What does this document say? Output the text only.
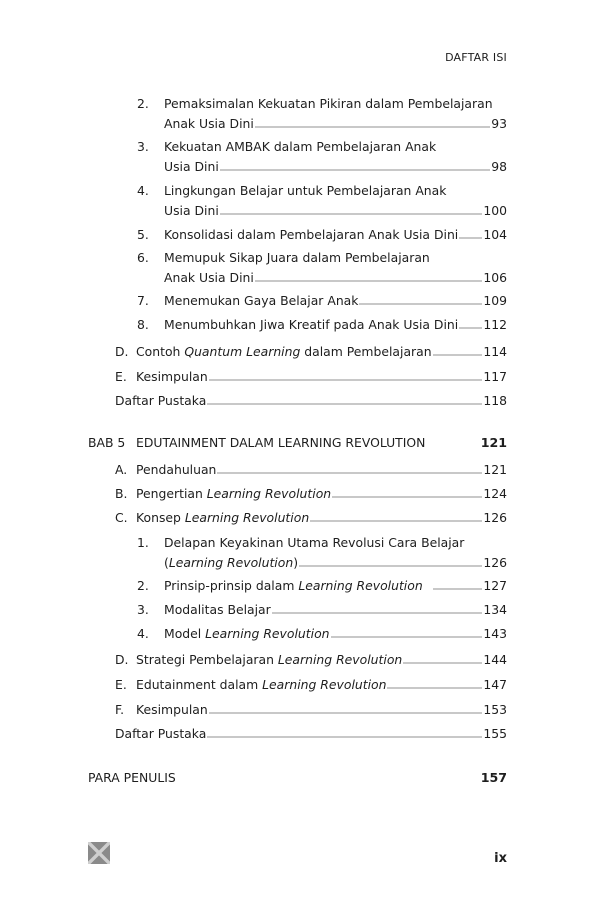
DAFTAR ISI
2. Pemaksimalan Kekuatan Pikiran dalam Pembelajaran
Anak Usia Dini	93
3. Kekuatan AMBAK dalam Pembelajaran Anak
Usia Dini	98
4. Lingkungan Belajar untuk Pembelajaran Anak
Usia Dini	100
5. Konsolidasi dalam Pembelajaran Anak Usia Dini 104
6. Memupuk Sikap Juara dalam Pembelajaran
Anak Usia Dini	106
7. Menemukan Gaya Belajar Anak	109
8. Menumbuhkan Jiwa Kreatif pada Anak Usia Dini 112
D. Contoh Quantum Learning dalam Pembelajaran	114
E. Kesimpulan	117
Daftar Pustaka	118
BAB 5 EDUTAINMENT DALAM LEARNING REVOLUTION	121
A. Pendahuluan	121
B. Pengertian Learning Revolution	124
C. Konsep Learning Revolution	126
1. Delapan Keyakinan Utama Revolusi Cara Belajar
(Learning Revolution)	126
2. Prinsip-prinsip dalam Learning Revolution	127
3. Modalitas Belajar	134
4. Model Learning Revolution	143
D. Strategi Pembelajaran Learning Revolution	144
E. Edutainment dalam Learning Revolution	147
F. Kesimpulan	153
Daftar Pustaka	155
PARA PENULIS	157
ix
